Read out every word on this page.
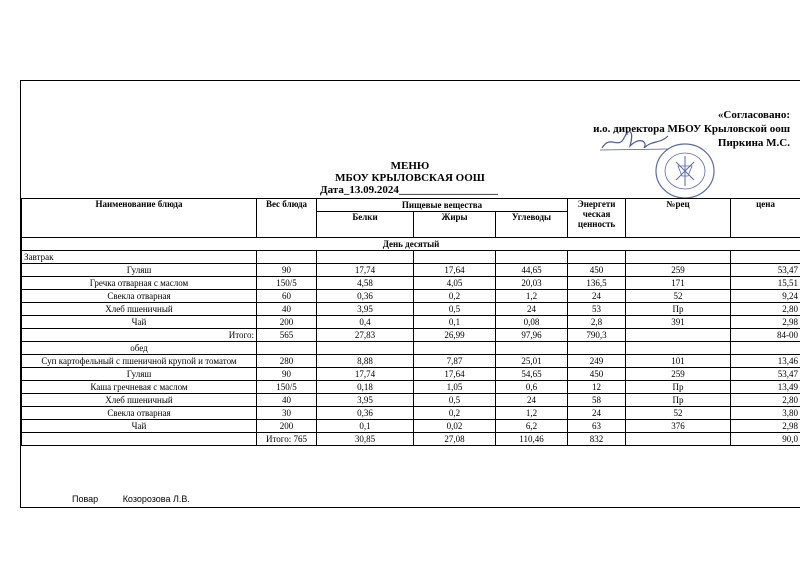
«Согласовано:
и.о. директора МБОУ Крыловской оош
Пиркина М.С.
МЕНЮ
МБОУ КРЫЛОВСКАЯ ООШ
Дата_13.09.2024__________________
Наименование блюда	Вес блюда	Пищевые вещества			Энергети ческая ценность	№рец	цена
		Белки	Жиры	Углеводы			
День десятый							
Завтрак							
Гуляш	90	17,74	17,64	44,65	450	259	53,47
Гречка отварная с маслом	150/5	4,58	4,05	20,03	136,5	171	15,51
Свекла отварная	60	0,36	0,2	1,2	24	52	9,24
Хлеб пшеничный	40	3,95	0,5	24	53	Пр	2,80
Чай	200	0,4	0,1	0,08	2,8	391	2,98
Итого:	565	27,83	26,99	97,96	790,3		84-00
обед							
Суп картофельный с пшеничной крупой и томатом	280	8,88	7,87	25,01	249	101	13,46
Гуляш	90	17,74	17,64	54,65	450	259	53,47
Каша гречневая с маслом	150/5	0,18	1,05	0,6	12	Пр	13,49
Хлеб пшеничный	40	3,95	0,5	24	58	Пр	2,80
Свекла отварная	30	0,36	0,2	1,2	24	52	3,80
Чай	200	0,1	0,02	6,2	63	376	2,98
	Итого: 765	30,85	27,08	110,46	832		90,0
Повар	Козорозова Л.В.
